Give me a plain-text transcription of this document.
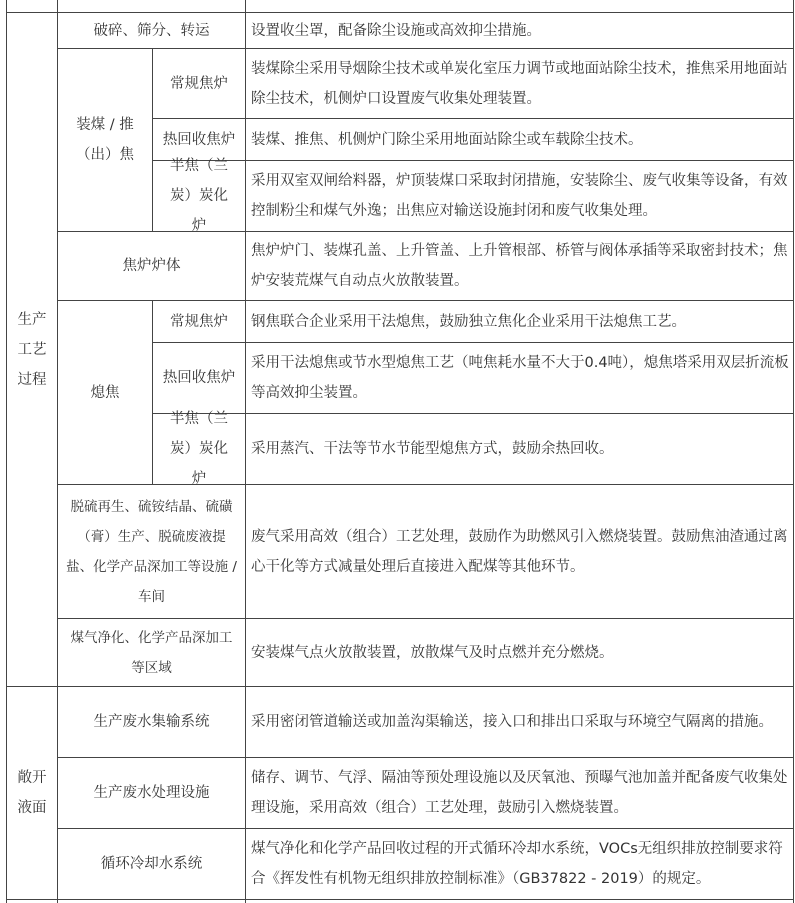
生产工艺过程
敞开液面
破碎、筛分、转运	设置收尘罩，配备除尘设施或高效抑尘措施。
装煤 / 推（出）焦
常规焦炉
装煤除尘采用导烟除尘技术或单炭化室压力调节或地面站除尘技术，推焦采用地面站除尘技术，机侧炉口设置废气收集处理装置。
热回收焦炉 装煤、推焦、机侧炉门除尘采用地面站除尘或车载除尘技术。
半焦（兰炭）炭化炉
采用双室双闸给料器，炉顶装煤口采取封闭措施，安装除尘、废气收集等设备，有效控制粉尘和煤气外逸；出焦应对输送设施封闭和废气收集处理。
焦炉炉体
焦炉炉门、装煤孔盖、上升管盖、上升管根部、桥管与阀体承插等采取密封技术；焦炉安装荒煤气自动点火放散装置。
熄焦
常规焦炉 钢焦联合企业采用干法熄焦，鼓励独立焦化企业采用干法熄焦工艺。
热回收焦炉
采用干法熄焦或节水型熄焦工艺（吨焦耗水量不大于0.4吨），熄焦塔采用双层折流板等高效抑尘装置。
半焦（兰炭）炭化炉
采用蒸汽、干法等节水节能型熄焦方式，鼓励余热回收。
脱硫再生、硫铵结晶、硫磺（膏）生产、脱硫废液提盐、化学产品深加工等设施 / 车间
废气采用高效（组合）工艺处理，鼓励作为助燃风引入燃烧装置。鼓励焦油渣通过离心干化等方式减量处理后直接进入配煤等其他环节。
煤气净化、化学产品深加工等区域
安装煤气点火放散装置，放散煤气及时点燃并充分燃烧。
生产废水集输系统	采用密闭管道输送或加盖沟渠输送，接入口和排出口采取与环境空气隔离的措施。
生产废水处理设施
储存、调节、气浮、隔油等预处理设施以及厌氧池、预曝气池加盖并配备废气收集处理设施，采用高效（组合）工艺处理，鼓励引入燃烧装置。
循环冷却水系统
煤气净化和化学产品回收过程的开式循环冷却水系统，VOCs无组织排放控制要求符合《挥发性有机物无组织排放控制标准》（GB37822 - 2019）的规定。
